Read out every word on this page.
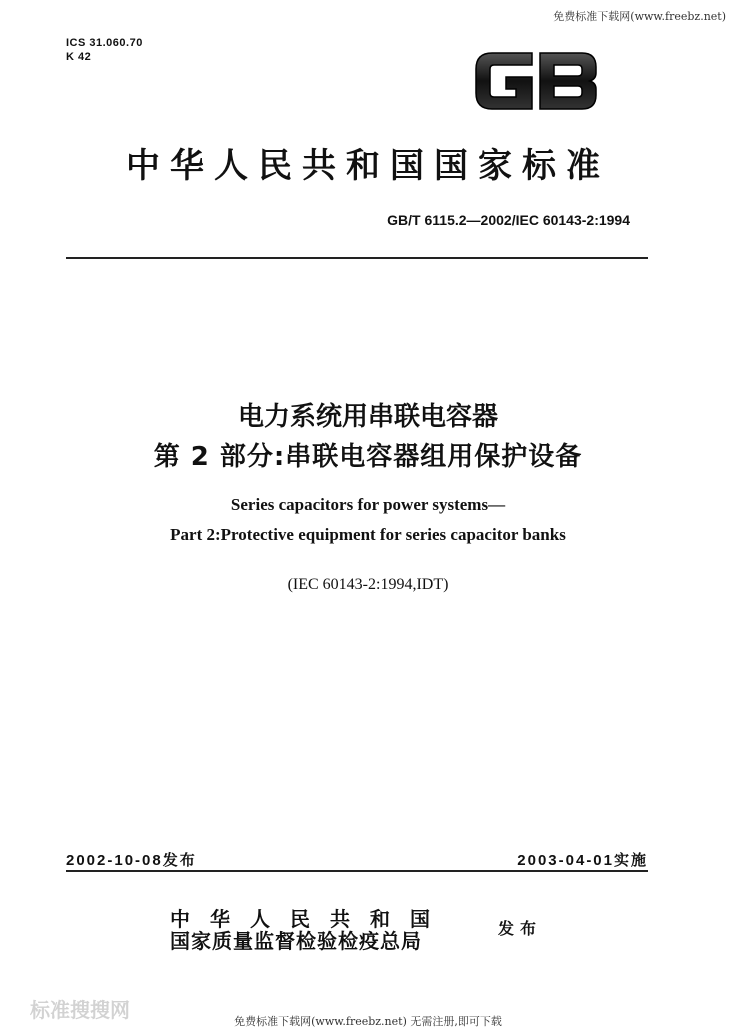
免费标准下载网(www.freebz.net)
ICS 31.060.70
K 42
中华人民共和国国家标准
GB/T 6115.2—2002/IEC 60143-2:1994
电力系统用串联电容器
第 2 部分:串联电容器组用保护设备
Series capacitors for power systems—
Part 2:Protective equipment for series capacitor banks
(IEC 60143-2:1994,IDT)
2002-10-08发布	2003-04-01实施
中华人民共和国
国家质量监督检验检疫总局
发布
标准搜搜网	免费标准下载网(www.freebz.net) 无需注册,即可下载
